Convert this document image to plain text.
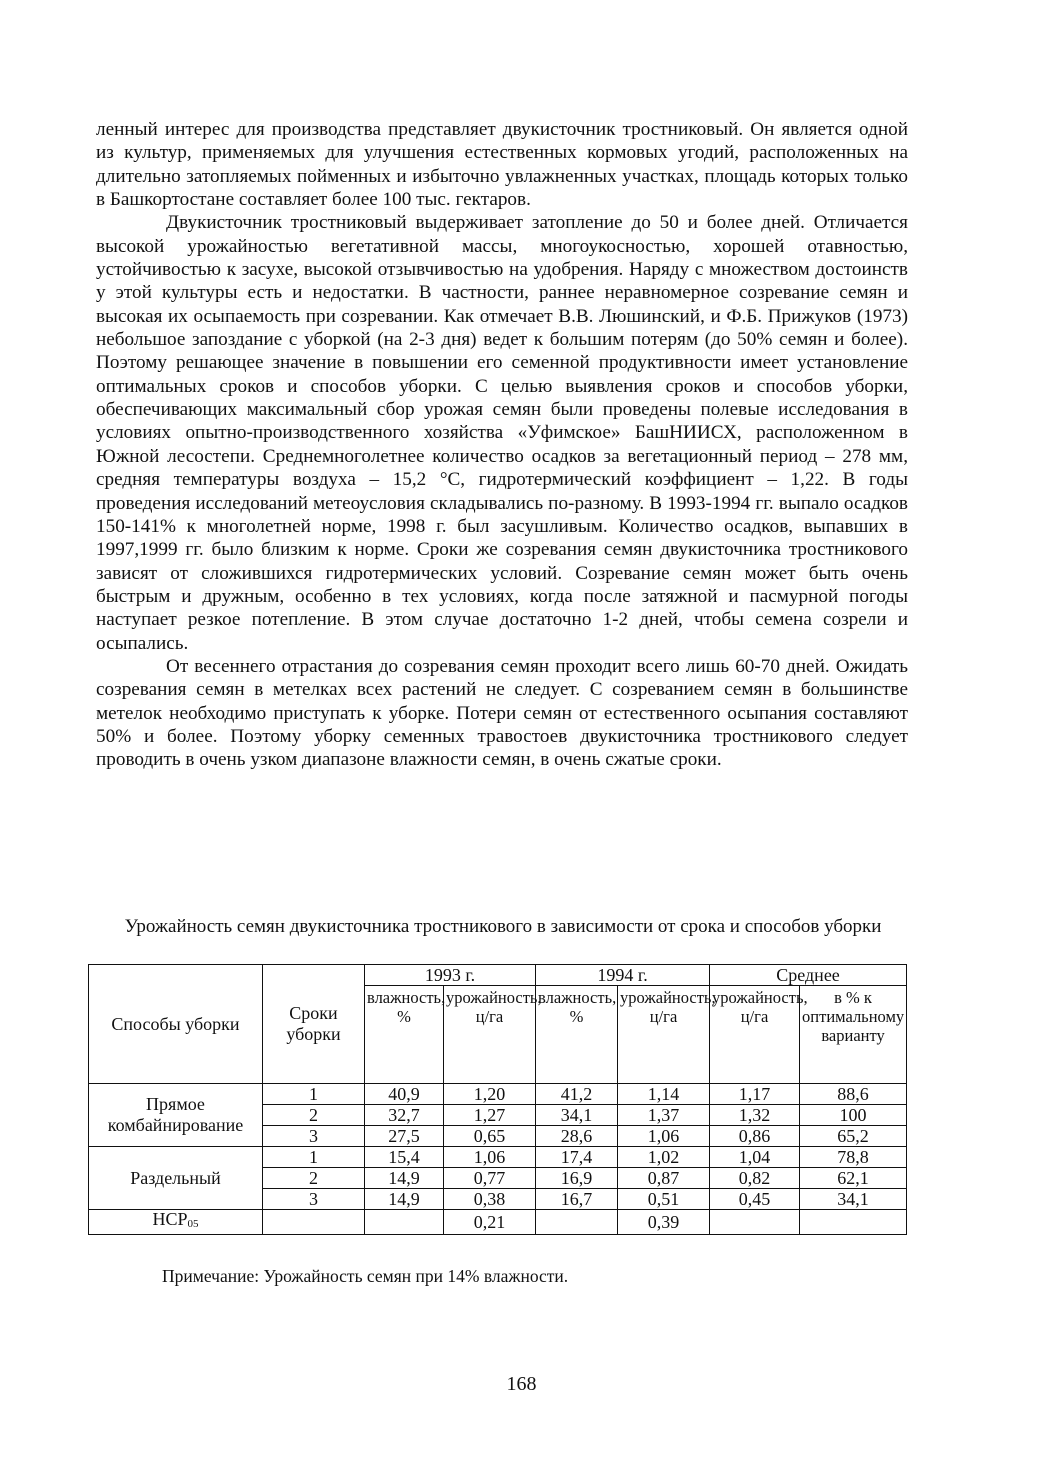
ленный интерес для производства представляет двукисточник тростниковый. Он является одной из культур, применяемых для улучшения естественных кормовых угодий, расположенных на длительно затопляемых пойменных и избыточно увлажненных участках, площадь которых только в Башкортостане составляет более 100 тыс. гектаров.

Двукисточник тростниковый выдерживает затопление до 50 и более дней. Отличается высокой урожайностью вегетативной массы, многоукосностью, хорошей отавностью, устойчивостью к засухе, высокой отзывчивостью на удобрения. Наряду с множеством достоинств у этой культуры есть и недостатки. В частности, раннее неравномерное созревание семян и высокая их осыпаемость при созревании. Как отмечает В.В. Люшинский, и Ф.Б. Прижуков (1973) небольшое запоздание с уборкой (на 2-3 дня) ведет к большим потерям (до 50% семян и более). Поэтому решающее значение в повышении его семенной продуктивности имеет установление оптимальных сроков и способов уборки. С целью выявления сроков и способов уборки, обеспечивающих максимальный сбор урожая семян были проведены полевые исследования в условиях опытно-производственного хозяйства «Уфимское» БашНИИСХ, расположенном в Южной лесостепи. Среднемноголетнее количество осадков за вегетационный период – 278 мм, средняя температуры воздуха – 15,2 °С, гидротермический коэффициент – 1,22. В годы проведения исследований метеоусловия складывались по-разному. В 1993-1994 гг. выпало осадков 150-141% к многолетней норме, 1998 г. был засушливым. Количество осадков, выпавших в 1997,1999 гг. было близким к норме. Сроки же созревания семян двукисточника тростникового зависят от сложившихся гидротермических условий. Созревание семян может быть очень быстрым и дружным, особенно в тех условиях, когда после затяжной и пасмурной погоды наступает резкое потепление. В этом случае достаточно 1-2 дней, чтобы семена созрели и осыпались.

От весеннего отрастания до созревания семян проходит всего лишь 60-70 дней. Ожидать созревания семян в метелках всех растений не следует. С созреванием семян в большинстве метелок необходимо приступать к уборке. Потери семян от естественного осыпания составляют 50% и более. Поэтому уборку семенных травостоев двукисточника тростникового следует проводить в очень узком диапазоне влажности семян, в очень сжатые сроки.

Урожайность семян двукисточника тростникового в зависимости от срока и способов уборки
Способы уборки	Сроки уборки	1993 г.		1994 г.		Среднее	
		влажность, %	урожайность, ц/га	влажность, %	урожайность, ц/га	урожайность, ц/га	в % к оптимальному варианту
Прямое комбайнирование	1	40,9	1,20	41,2	1,14	1,17	88,6
	2	32,7	1,27	34,1	1,37	1,32	100
	3	27,5	0,65	28,6	1,06	0,86	65,2
Раздельный	1	15,4	1,06	17,4	1,02	1,04	78,8
	2	14,9	0,77	16,9	0,87	0,82	62,1
	3	14,9	0,38	16,7	0,51	0,45	34,1
$НСР_{05}$			0,21		0,39		
Примечание: Урожайность семян при 14% влажности.
168
